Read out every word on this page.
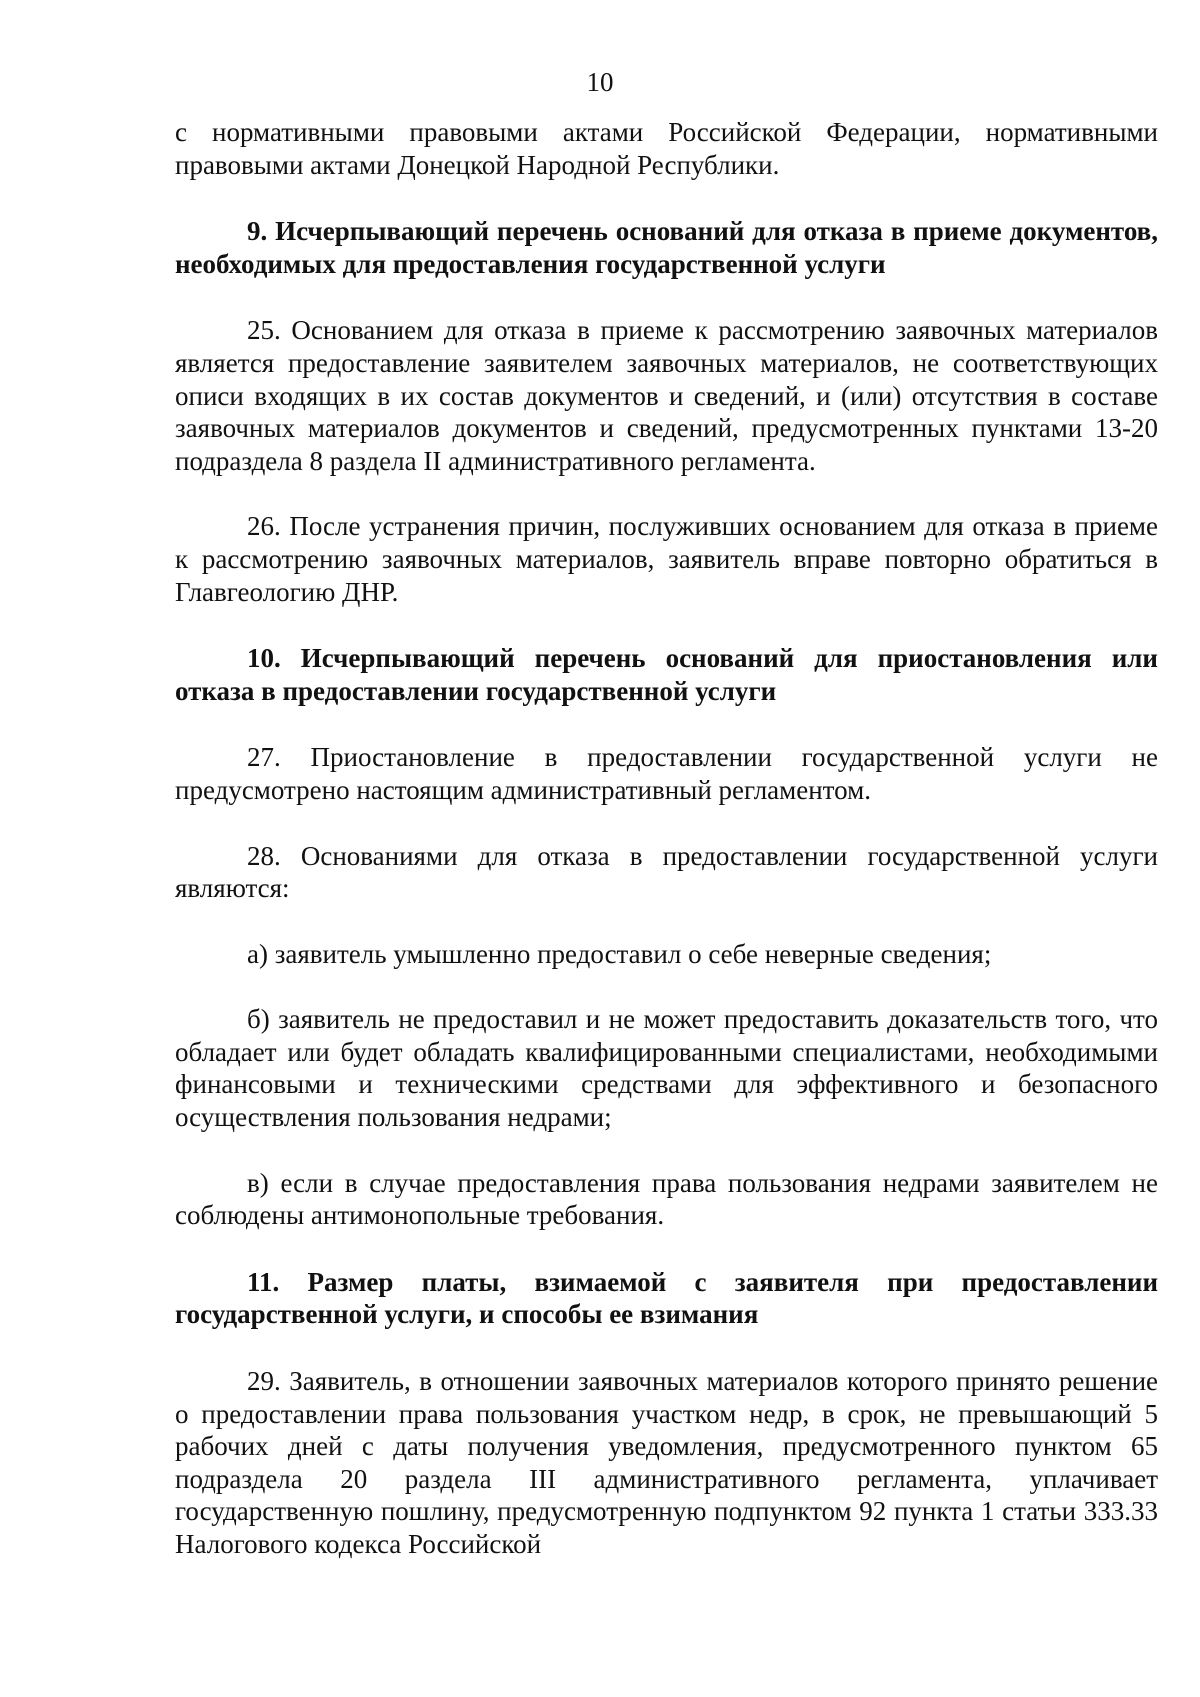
10

с нормативными правовыми актами Российской Федерации, нормативными правовыми актами Донецкой Народной Республики.

9. Исчерпывающий перечень оснований для отказа в приеме документов, необходимых для предоставления государственной услуги

25. Основанием для отказа в приеме к рассмотрению заявочных материалов является предоставление заявителем заявочных материалов, не соответствующих описи входящих в их состав документов и сведений, и (или) отсутствия в составе заявочных материалов документов и сведений, предусмотренных пунктами 13-20 подраздела 8 раздела II административного регламента.

26. После устранения причин, послуживших основанием для отказа в приеме к рассмотрению заявочных материалов, заявитель вправе повторно обратиться в Главгеологию ДНР.

10. Исчерпывающий перечень оснований для приостановления или отказа в предоставлении государственной услуги

27. Приостановление в предоставлении государственной услуги не предусмотрено настоящим административный регламентом.

28. Основаниями для отказа в предоставлении государственной услуги являются:

а) заявитель умышленно предоставил о себе неверные сведения;

б) заявитель не предоставил и не может предоставить доказательств того, что обладает или будет обладать квалифицированными специалистами, необходимыми финансовыми и техническими средствами для эффективного и безопасного осуществления пользования недрами;

в) если в случае предоставления права пользования недрами заявителем не соблюдены антимонопольные требования.

11. Размер платы, взимаемой с заявителя при предоставлении государственной услуги, и способы ее взимания

29. Заявитель, в отношении заявочных материалов которого принято решение о предоставлении права пользования участком недр, в срок, не превышающий 5 рабочих дней с даты получения уведомления, предусмотренного пунктом 65 подраздела 20 раздела III административного регламента, уплачивает государственную пошлину, предусмотренную подпунктом 92 пункта 1 статьи 333.33 Налогового кодекса Российской
